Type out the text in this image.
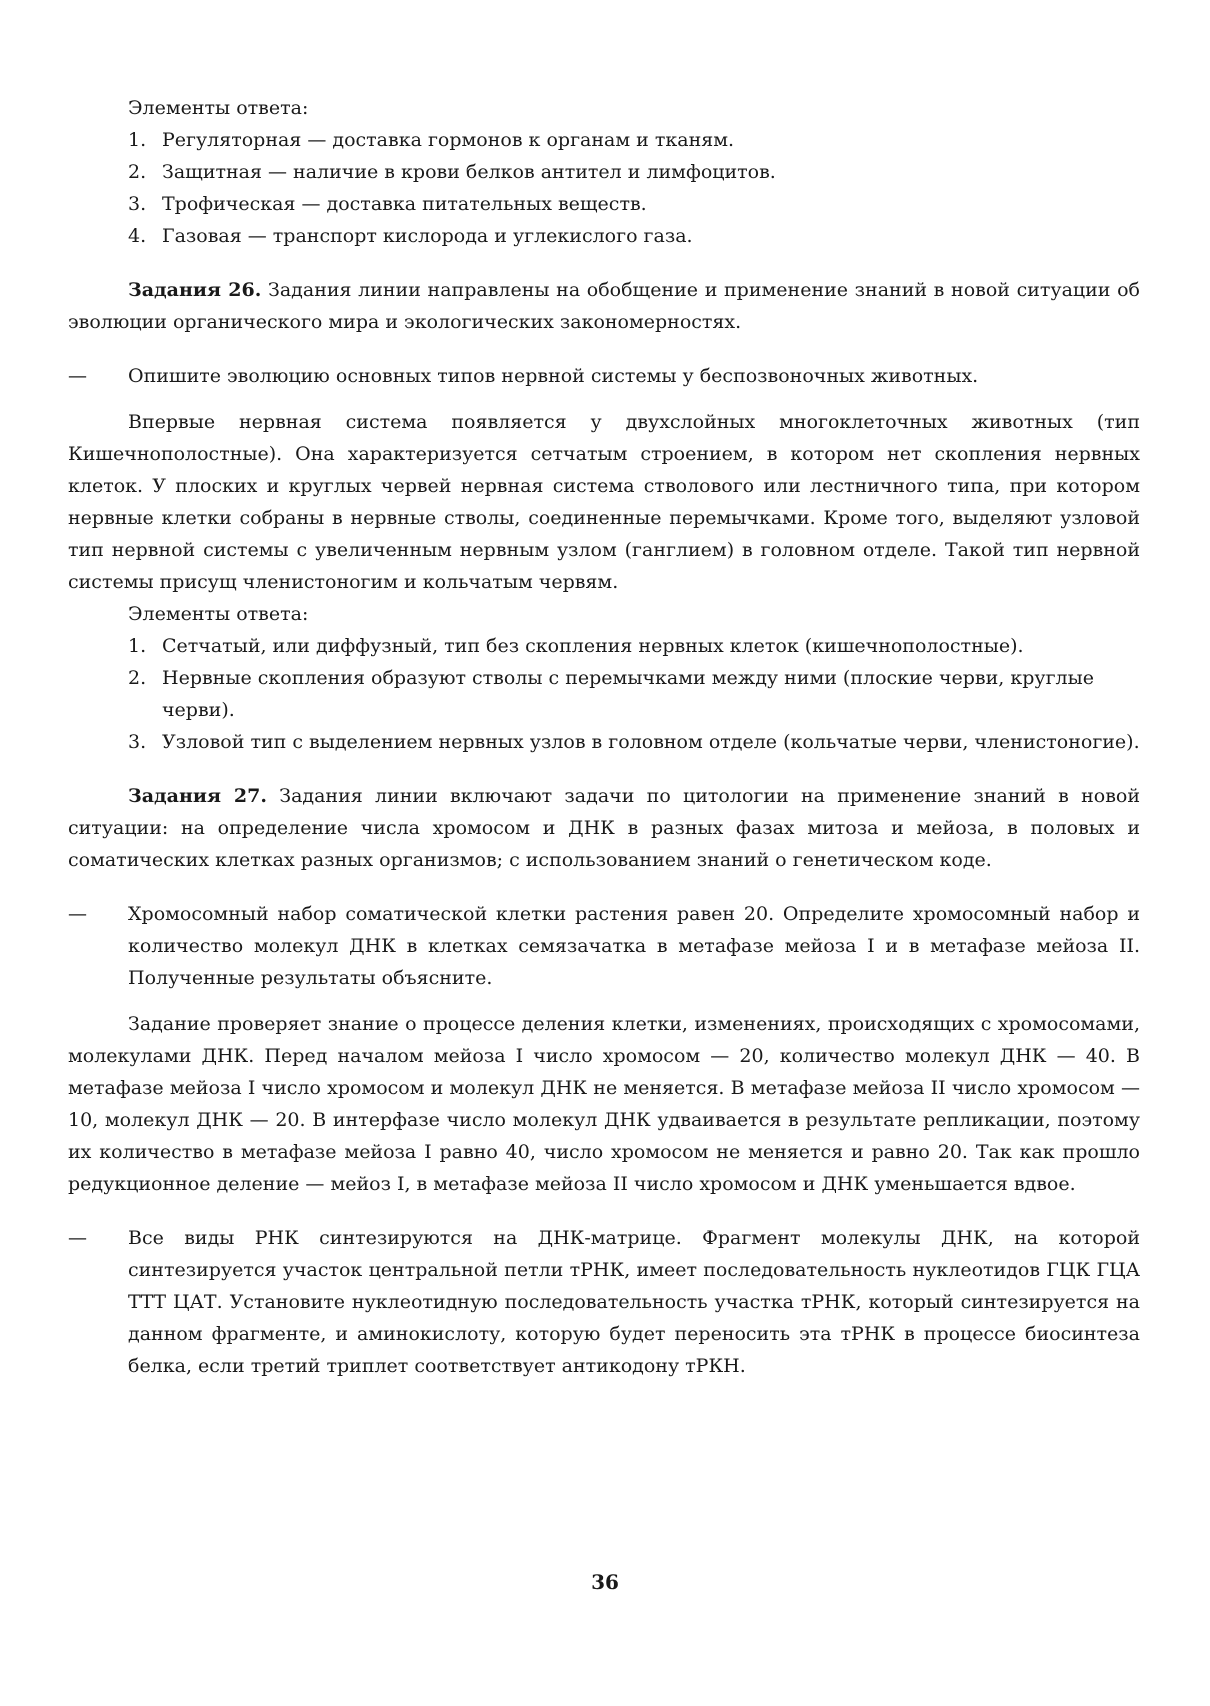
Элементы ответа:

1. Регуляторная — доставка гормонов к органам и тканям.
2. Защитная — наличие в крови белков антител и лимфоцитов.
3. Трофическая — доставка питательных веществ.
4. Газовая — транспорт кислорода и углекислого газа.

Задания 26. Задания линии направлены на обобщение и применение знаний в новой ситуации об эволюции органического мира и экологических закономерностях.

— Опишите эволюцию основных типов нервной системы у беспозвоночных животных.

Впервые нервная система появляется у двухслойных многоклеточных животных (тип Кишечнополостные). Она характеризуется сетчатым строением, в котором нет скопления нервных клеток. У плоских и круглых червей нервная система стволового или лестничного типа, при котором нервные клетки собраны в нервные стволы, соединенные перемычками. Кроме того, выделяют узловой тип нервной системы с увеличенным нервным узлом (ганглием) в головном отделе. Такой тип нервной системы присущ членистоногим и кольчатым червям.

Элементы ответа:

1. Сетчатый, или диффузный, тип без скопления нервных клеток (кишечнополостные).
2. Нервные скопления образуют стволы с перемычками между ними (плоские черви, круглые черви).
3. Узловой тип с выделением нервных узлов в головном отделе (кольчатые черви, членистоногие).

Задания 27. Задания линии включают задачи по цитологии на применение знаний в новой ситуации: на определение числа хромосом и ДНК в разных фазах митоза и мейоза, в половых и соматических клетках разных организмов; с использованием знаний о генетическом коде.

— Хромосомный набор соматической клетки растения равен 20. Определите хромосомный набор и количество молекул ДНК в клетках семязачатка в метафазе мейоза I и в метафазе мейоза II. Полученные результаты объясните.

Задание проверяет знание о процессе деления клетки, изменениях, происходящих с хромосомами, молекулами ДНК. Перед началом мейоза I число хромосом — 20, количество молекул ДНК — 40. В метафазе мейоза I число хромосом и молекул ДНК не меняется. В метафазе мейоза II число хромосом — 10, молекул ДНК — 20. В интерфазе число молекул ДНК удваивается в результате репликации, поэтому их количество в метафазе мейоза I равно 40, число хромосом не меняется и равно 20. Так как прошло редукционное деление — мейоз I, в метафазе мейоза II число хромосом и ДНК уменьшается вдвое.

— Все виды РНК синтезируются на ДНК-матрице. Фрагмент молекулы ДНК, на которой синтезируется участок центральной петли тРНК, имеет последовательность нуклеотидов ГЦК ГЦА ТТТ ЦАТ. Установите нуклеотидную последовательность участка тРНК, который синтезируется на данном фрагменте, и аминокислоту, которую будет переносить эта тРНК в процессе биосинтеза белка, если третий триплет соответствует антикодону тРКН.
36
